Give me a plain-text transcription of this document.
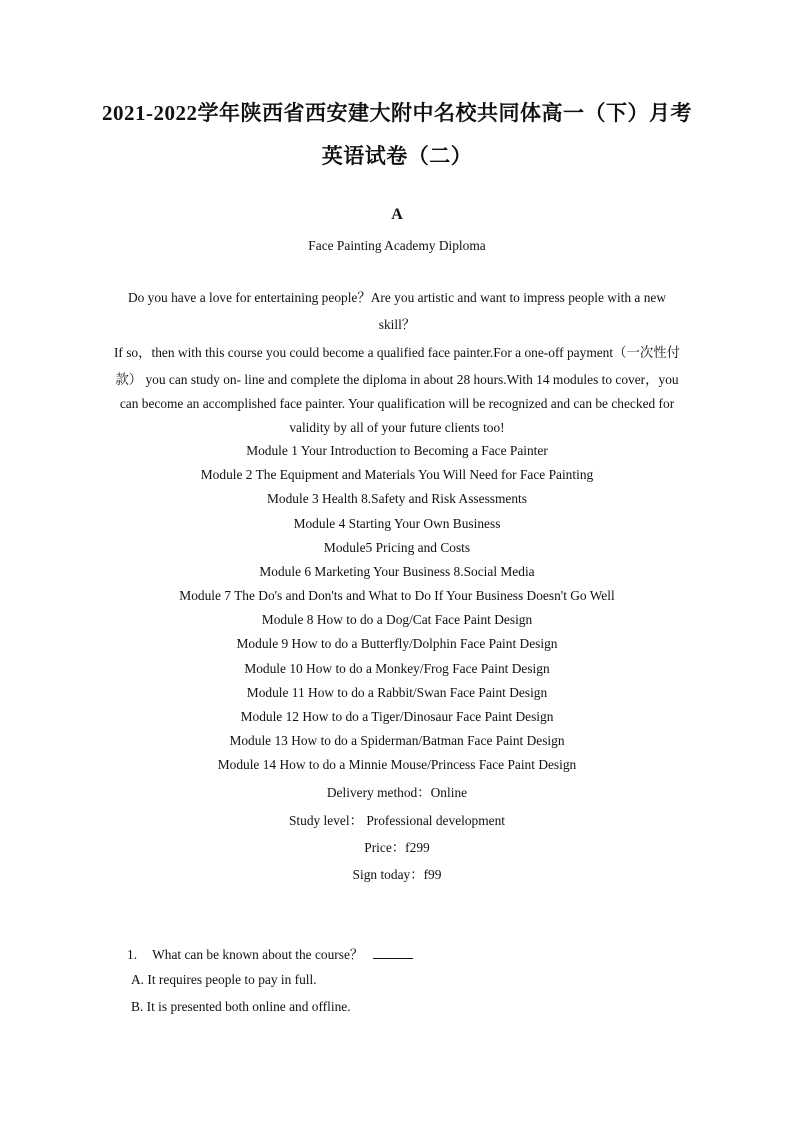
2021-2022学年陕西省西安建大附中名校共同体高一（下）月考
英语试卷（二）
A
Face Painting Academy Diploma
Do you have a love for entertaining people？Are you artistic and want to impress people with a new
skill？
If so，then with this course you could become a qualified face painter.For a one-off payment（一次性付
款） you can study on- line and complete the diploma in about 28 hours.With 14 modules to cover，you
can become an accomplished face painter. Your qualification will be recognized and can be checked for
validity by all of your future clients too!
Module 1 Your Introduction to Becoming a Face Painter
Module 2 The Equipment and Materials You Will Need for Face Painting
Module 3 Health 8.Safety and Risk Assessments
Module 4 Starting Your Own Business
Module5 Pricing and Costs
Module 6 Marketing Your Business 8.Social Media
Module 7 The Do's and Don'ts and What to Do If Your Business Doesn't Go Well
Module 8 How to do a Dog/Cat Face Paint Design
Module 9 How to do a Butterfly/Dolphin Face Paint Design
Module 10 How to do a Monkey/Frog Face Paint Design
Module 11 How to do a Rabbit/Swan Face Paint Design
Module 12 How to do a Tiger/Dinosaur Face Paint Design
Module 13 How to do a Spiderman/Batman Face Paint Design
Module 14 How to do a Minnie Mouse/Princess Face Paint Design
Delivery method：Online
Study level： Professional development
Price：f299
Sign today：f99
1. What can be known about the course？
A. It requires people to pay in full.
B. It is presented both online and offline.
